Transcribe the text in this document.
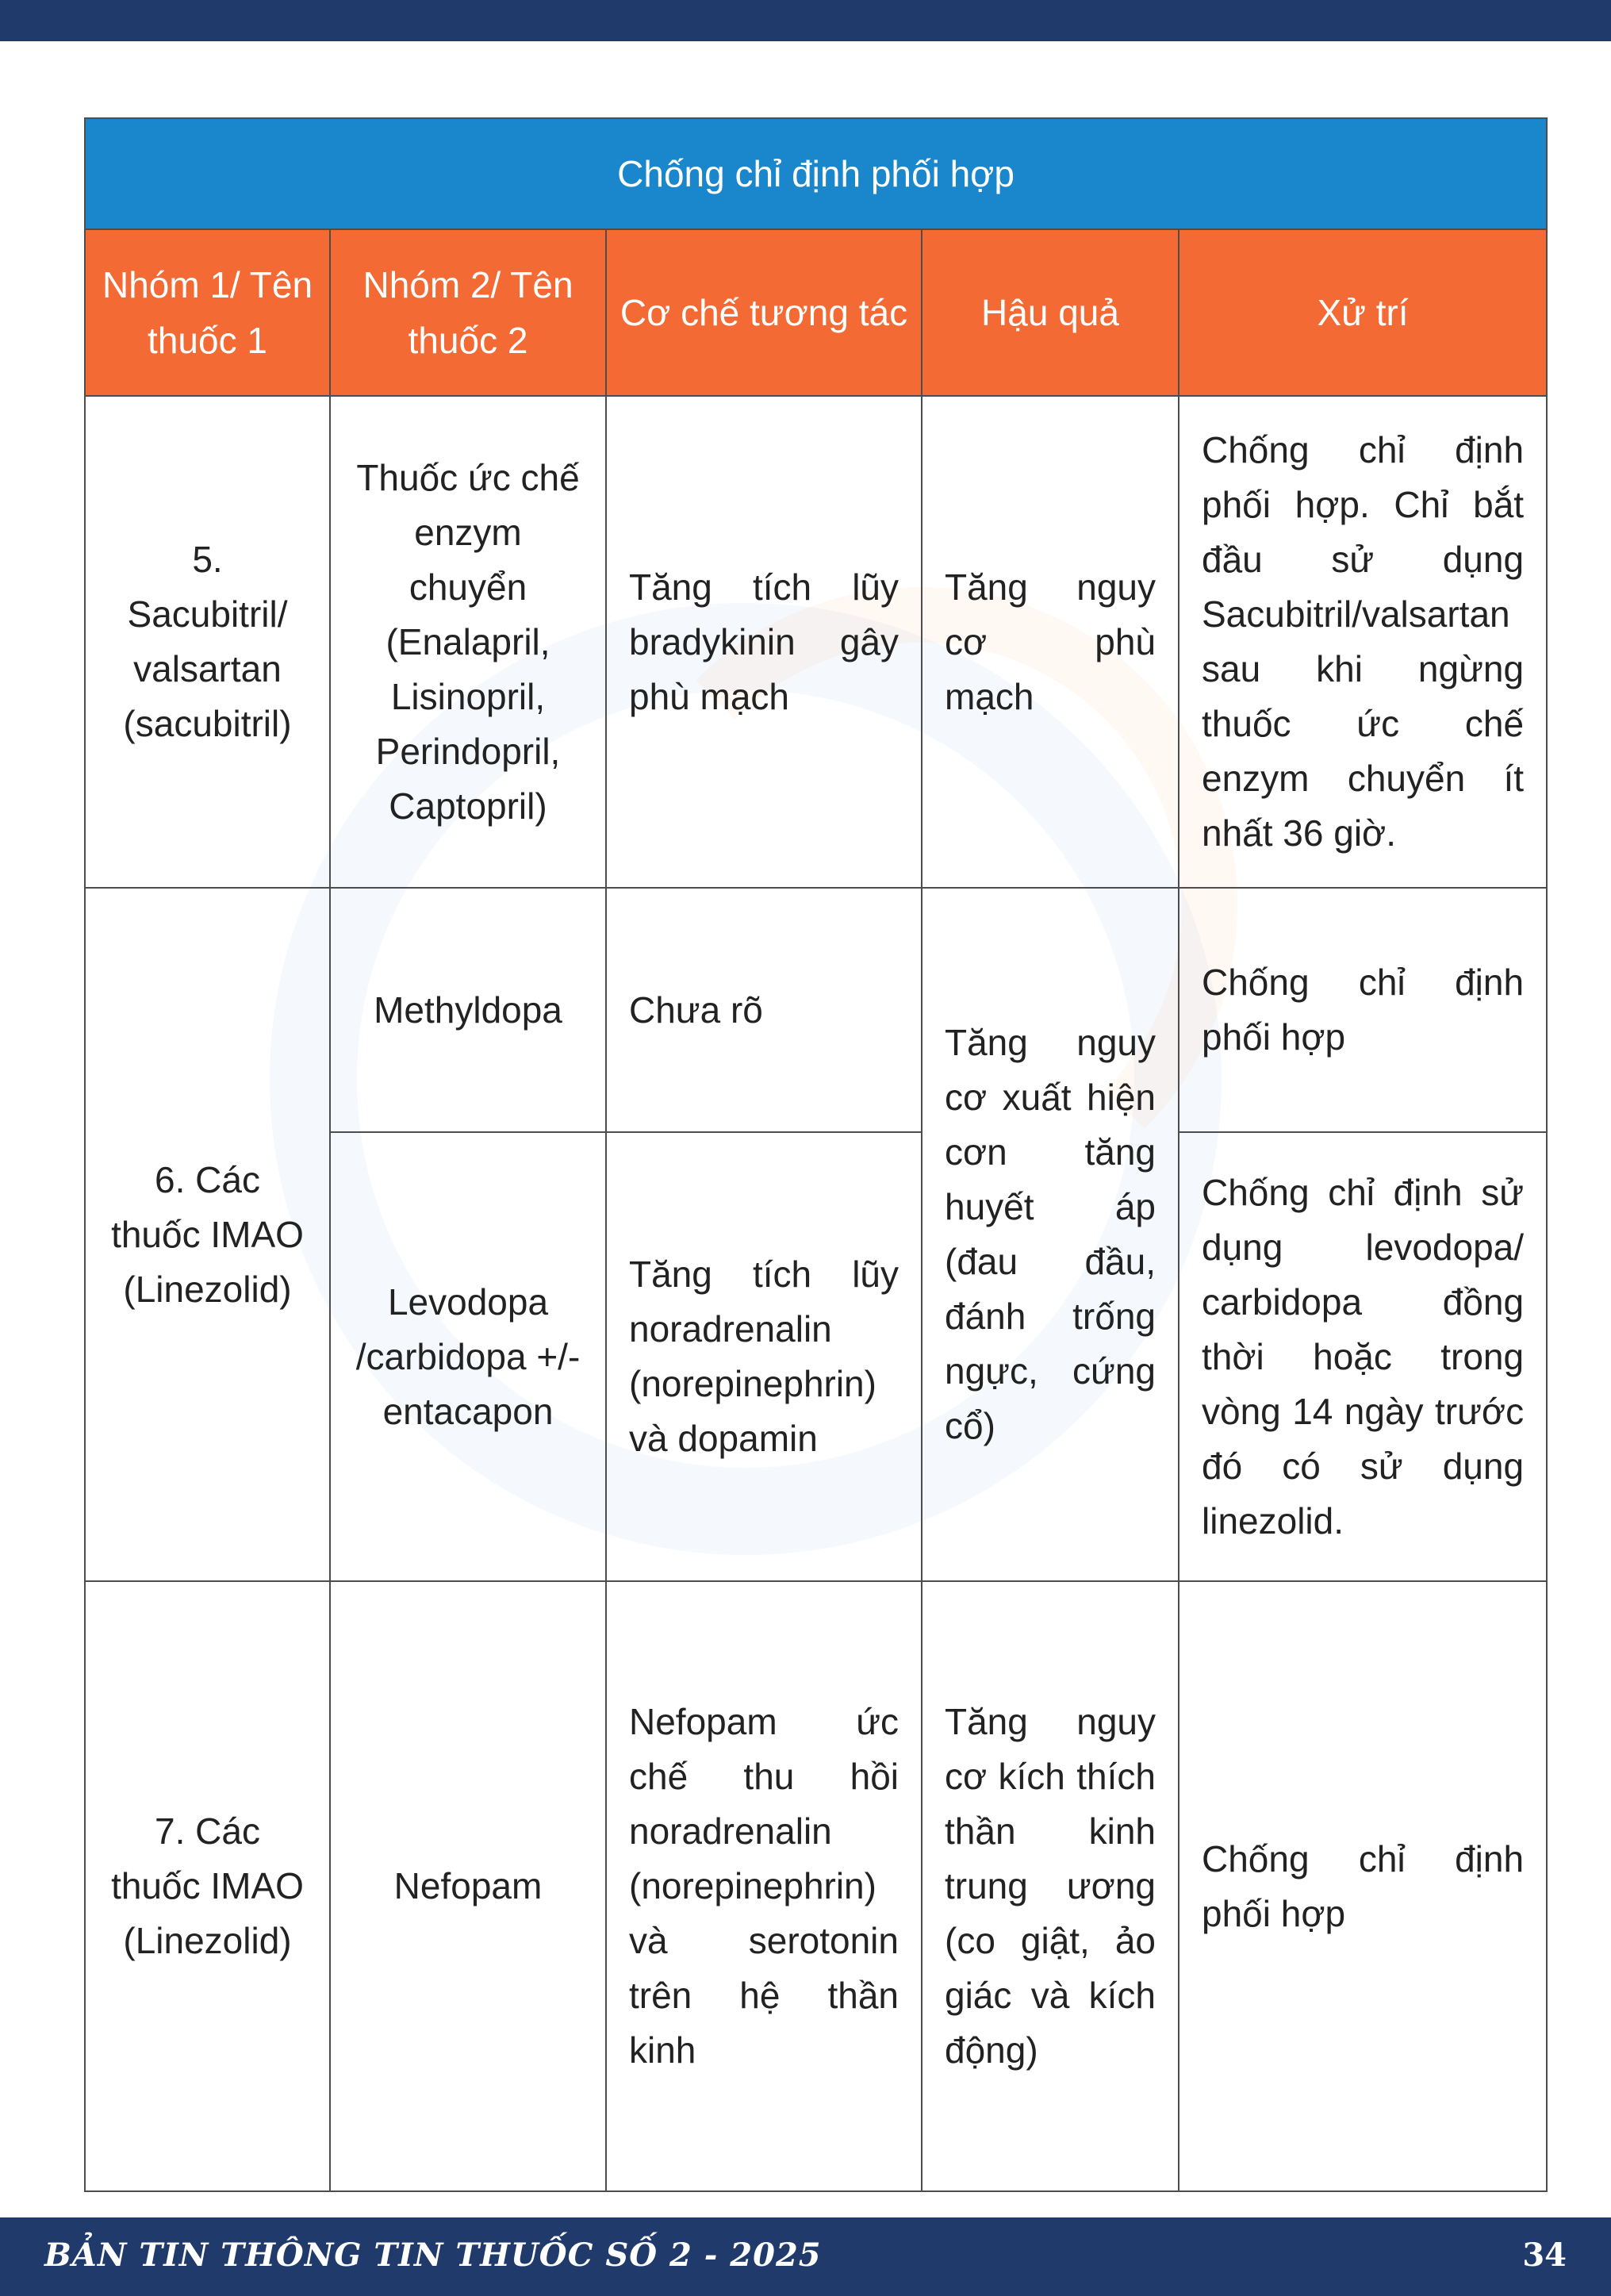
Chống chỉ định phối hợp				
Nhóm 1/ Tên thuốc 1	Nhóm 2/ Tên thuốc 2	Cơ chế tương tác	Hậu quả	Xử trí
5. Sacubitril/ valsartan (sacubitril)	Thuốc ức chế enzym chuyển (Enalapril, Lisinopril, Perindopril, Captopril)	Tăng tích lũy bradykinin gây phù mạch	Tăng nguy cơ phù mạch	Chống chỉ định phối hợp. Chỉ bắt đầu sử dụng Sacubitril/valsartan sau khi ngừng thuốc ức chế enzym chuyển ít nhất 36 giờ.
6. Các thuốc IMAO (Linezolid)	Methyldopa	Chưa rõ	Tăng nguy cơ xuất hiện cơn tăng huyết áp (đau đầu, đánh trống ngực, cứng cổ)	Chống chỉ định phối hợp
	Levodopa /carbidopa +/- entacapon	Tăng tích lũy noradrenalin (norepinephrin) và dopamin		Chống chỉ định sử dụng levodopa/ carbidopa đồng thời hoặc trong vòng 14 ngày trước đó có sử dụng linezolid.
7. Các thuốc IMAO (Linezolid)	Nefopam	Nefopam ức chế thu hồi noradrenalin (norepinephrin) và serotonin trên hệ thần kinh	Tăng nguy cơ kích thích thần kinh trung ương (co giật, ảo giác và kích động)	Chống chỉ định phối hợp
BẢN TIN THÔNG TIN THUỐC SỐ 2 - 2025	34
